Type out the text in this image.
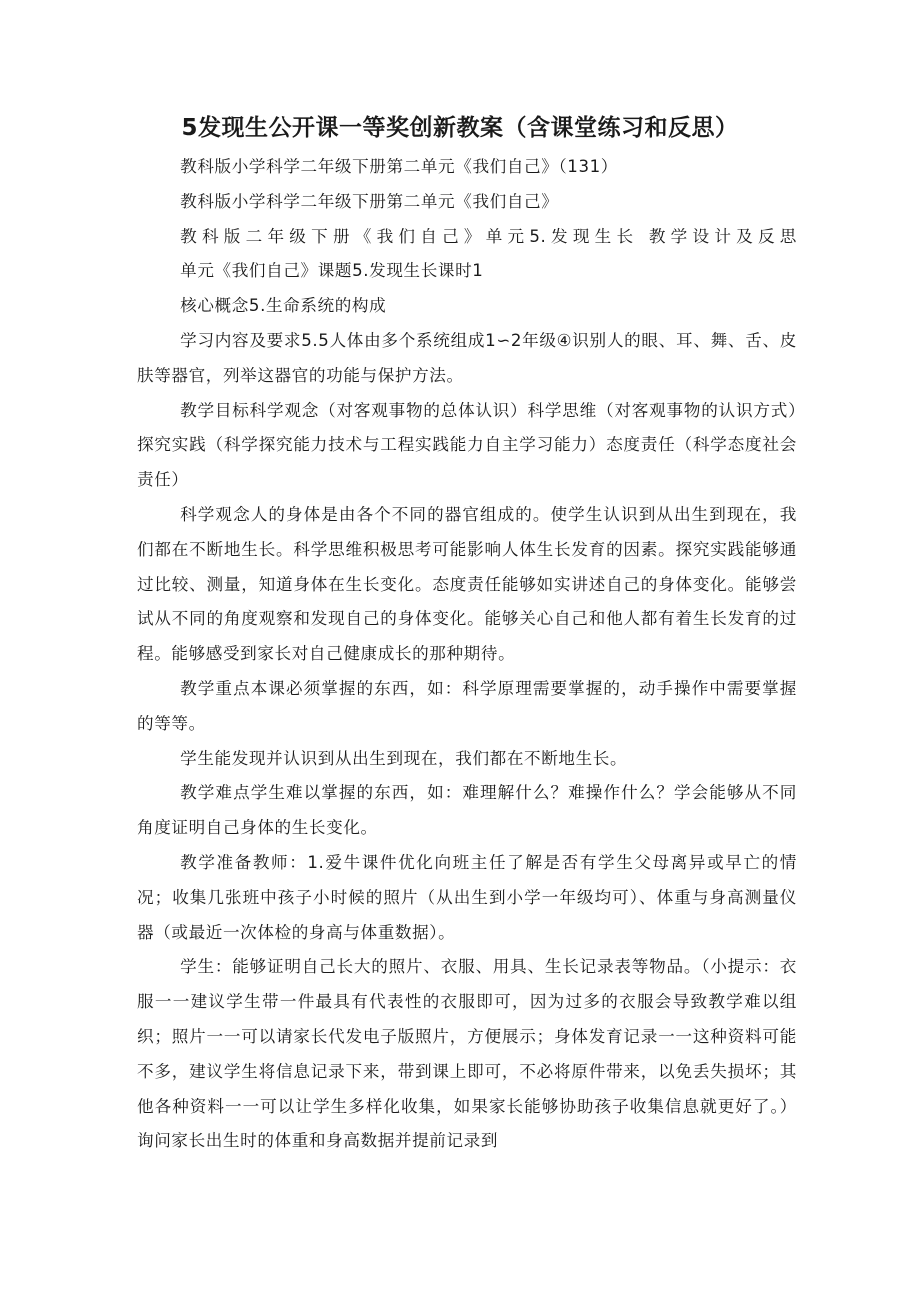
5发现生公开课一等奖创新教案（含课堂练习和反思）

教科版小学科学二年级下册第二单元《我们自己》（131）

教科版小学科学二年级下册第二单元《我们自己》

教科版二年级下册《我们自己》单元5.发现生长 教学设计及反思

单元《我们自己》课题5.发现生长课时1

核心概念5.生命系统的构成

学习内容及要求5.5人体由多个系统组成1∽2年级④识别人的眼、耳、舞、舌、皮肤等器官，列举这器官的功能与保护方法。

教学目标科学观念（对客观事物的总体认识）科学思维（对客观事物的认识方式）探究实践（科学探究能力技术与工程实践能力自主学习能力）态度责任（科学态度社会责任）

科学观念人的身体是由各个不同的器官组成的。使学生认识到从出生到现在，我们都在不断地生长。科学思维积极思考可能影响人体生长发育的因素。探究实践能够通过比较、测量，知道身体在生长变化。态度责任能够如实讲述自己的身体变化。能够尝试从不同的角度观察和发现自己的身体变化。能够关心自己和他人都有着生长发育的过程。能够感受到家长对自己健康成长的那种期待。

教学重点本课必须掌握的东西，如：科学原理需要掌握的，动手操作中需要掌握的等等。

学生能发现并认识到从出生到现在，我们都在不断地生长。

教学难点学生难以掌握的东西，如：难理解什么？难操作什么？学会能够从不同角度证明自己身体的生长变化。

教学准备教师：1.爱牛课件优化向班主任了解是否有学生父母离异或早亡的情况；收集几张班中孩子小时候的照片（从出生到小学一年级均可）、体重与身高测量仪器（或最近一次体检的身高与体重数据）。

学生：能够证明自己长大的照片、衣服、用具、生长记录表等物品。（小提示：衣服一一建议学生带一件最具有代表性的衣服即可，因为过多的衣服会导致教学难以组织；照片一一可以请家长代发电子版照片，方便展示；身体发育记录一一这种资料可能不多，建议学生将信息记录下来，带到课上即可，不必将原件带来，以免丢失损坏；其他各种资料一一可以让学生多样化收集，如果家长能够协助孩子收集信息就更好了。）询问家长出生时的体重和身高数据并提前记录到
